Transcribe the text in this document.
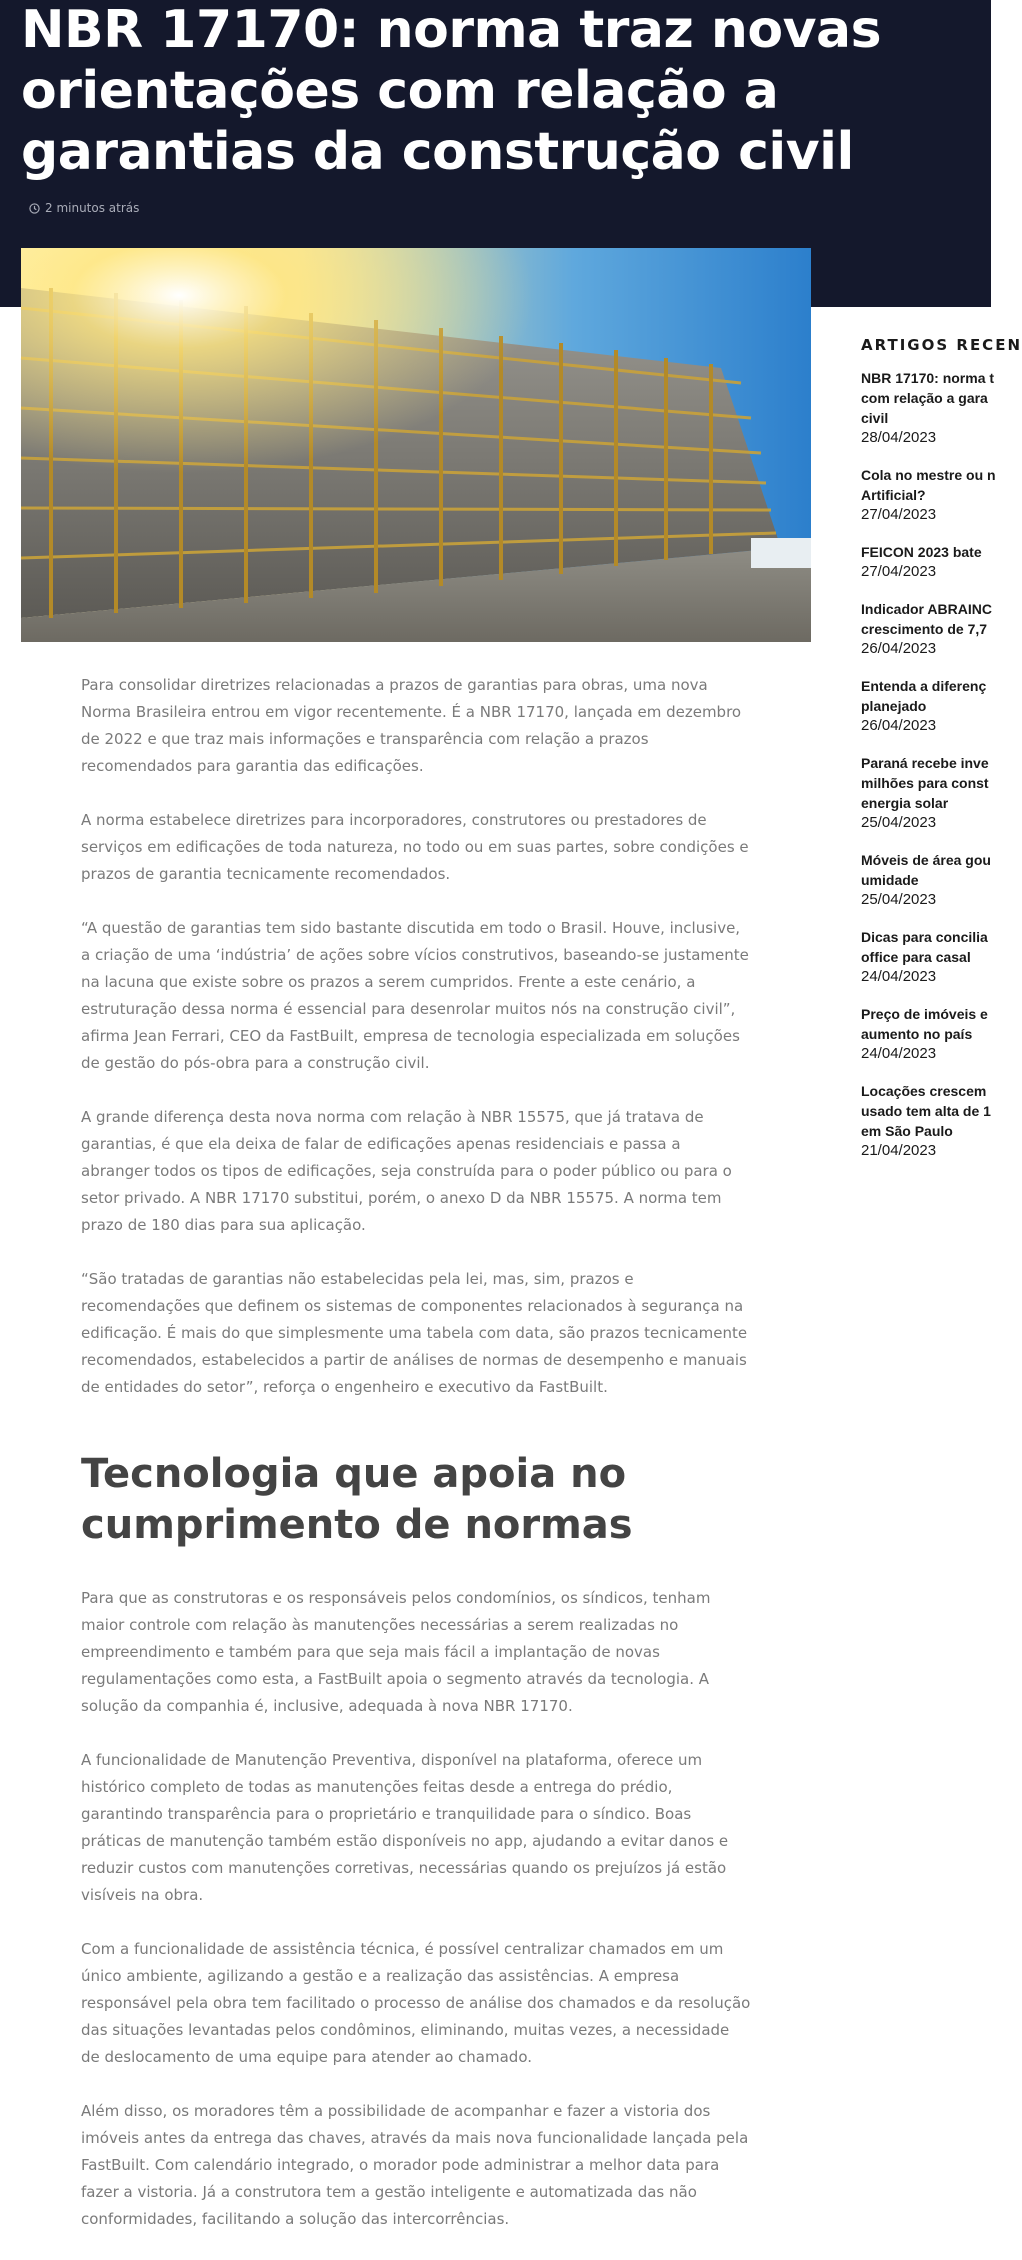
NBR 17170: norma traz novas orientações com relação a garantias da construção civil
2 minutos atrás
ARTIGOS RECEN
NBR 17170: norma t
com relação a gara
civil
28/04/2023
Cola no mestre ou n
Artificial?
27/04/2023
FEICON 2023 bate
27/04/2023
Indicador ABRAINC
crescimento de 7,7
26/04/2023
Entenda a diferenç
planejado
26/04/2023
Paraná recebe inve
milhões para const
energia solar
25/04/2023
Móveis de área gou
umidade
25/04/2023
Dicas para concilia
office para casal
24/04/2023
Preço de imóveis e
aumento no país
24/04/2023
Locações crescem
usado tem alta de 1
em São Paulo
21/04/2023

Para consolidar diretrizes relacionadas a prazos de garantias para obras, uma nova Norma Brasileira entrou em vigor recentemente. É a NBR 17170, lançada em dezembro de 2022 e que traz mais informações e transparência com relação a prazos recomendados para garantia das edificações.

A norma estabelece diretrizes para incorporadores, construtores ou prestadores de serviços em edificações de toda natureza, no todo ou em suas partes, sobre condições e prazos de garantia tecnicamente recomendados.

“A questão de garantias tem sido bastante discutida em todo o Brasil. Houve, inclusive, a criação de uma ‘indústria’ de ações sobre vícios construtivos, baseando-se justamente na lacuna que existe sobre os prazos a serem cumpridos. Frente a este cenário, a estruturação dessa norma é essencial para desenrolar muitos nós na construção civil”, afirma Jean Ferrari, CEO da FastBuilt, empresa de tecnologia especializada em soluções de gestão do pós-obra para a construção civil.

A grande diferença desta nova norma com relação à NBR 15575, que já tratava de garantias, é que ela deixa de falar de edificações apenas residenciais e passa a abranger todos os tipos de edificações, seja construída para o poder público ou para o setor privado. A NBR 17170 substitui, porém, o anexo D da NBR 15575. A norma tem prazo de 180 dias para sua aplicação.

“São tratadas de garantias não estabelecidas pela lei, mas, sim, prazos e recomendações que definem os sistemas de componentes relacionados à segurança na edificação. É mais do que simplesmente uma tabela com data, são prazos tecnicamente recomendados, estabelecidos a partir de análises de normas de desempenho e manuais de entidades do setor”, reforça o engenheiro e executivo da FastBuilt.

Tecnologia que apoia no cumprimento de normas

Para que as construtoras e os responsáveis pelos condomínios, os síndicos, tenham maior controle com relação às manutenções necessárias a serem realizadas no empreendimento e também para que seja mais fácil a implantação de novas regulamentações como esta, a FastBuilt apoia o segmento através da tecnologia. A solução da companhia é, inclusive, adequada à nova NBR 17170.

A funcionalidade de Manutenção Preventiva, disponível na plataforma, oferece um histórico completo de todas as manutenções feitas desde a entrega do prédio, garantindo transparência para o proprietário e tranquilidade para o síndico. Boas práticas de manutenção também estão disponíveis no app, ajudando a evitar danos e reduzir custos com manutenções corretivas, necessárias quando os prejuízos já estão visíveis na obra.

Com a funcionalidade de assistência técnica, é possível centralizar chamados em um único ambiente, agilizando a gestão e a realização das assistências. A empresa responsável pela obra tem facilitado o processo de análise dos chamados e da resolução das situações levantadas pelos condôminos, eliminando, muitas vezes, a necessidade de deslocamento de uma equipe para atender ao chamado.

Além disso, os moradores têm a possibilidade de acompanhar e fazer a vistoria dos imóveis antes da entrega das chaves, através da mais nova funcionalidade lançada pela FastBuilt. Com calendário integrado, o morador pode administrar a melhor data para fazer a vistoria. Já a construtora tem a gestão inteligente e automatizada das não conformidades, facilitando a solução das intercorrências.
